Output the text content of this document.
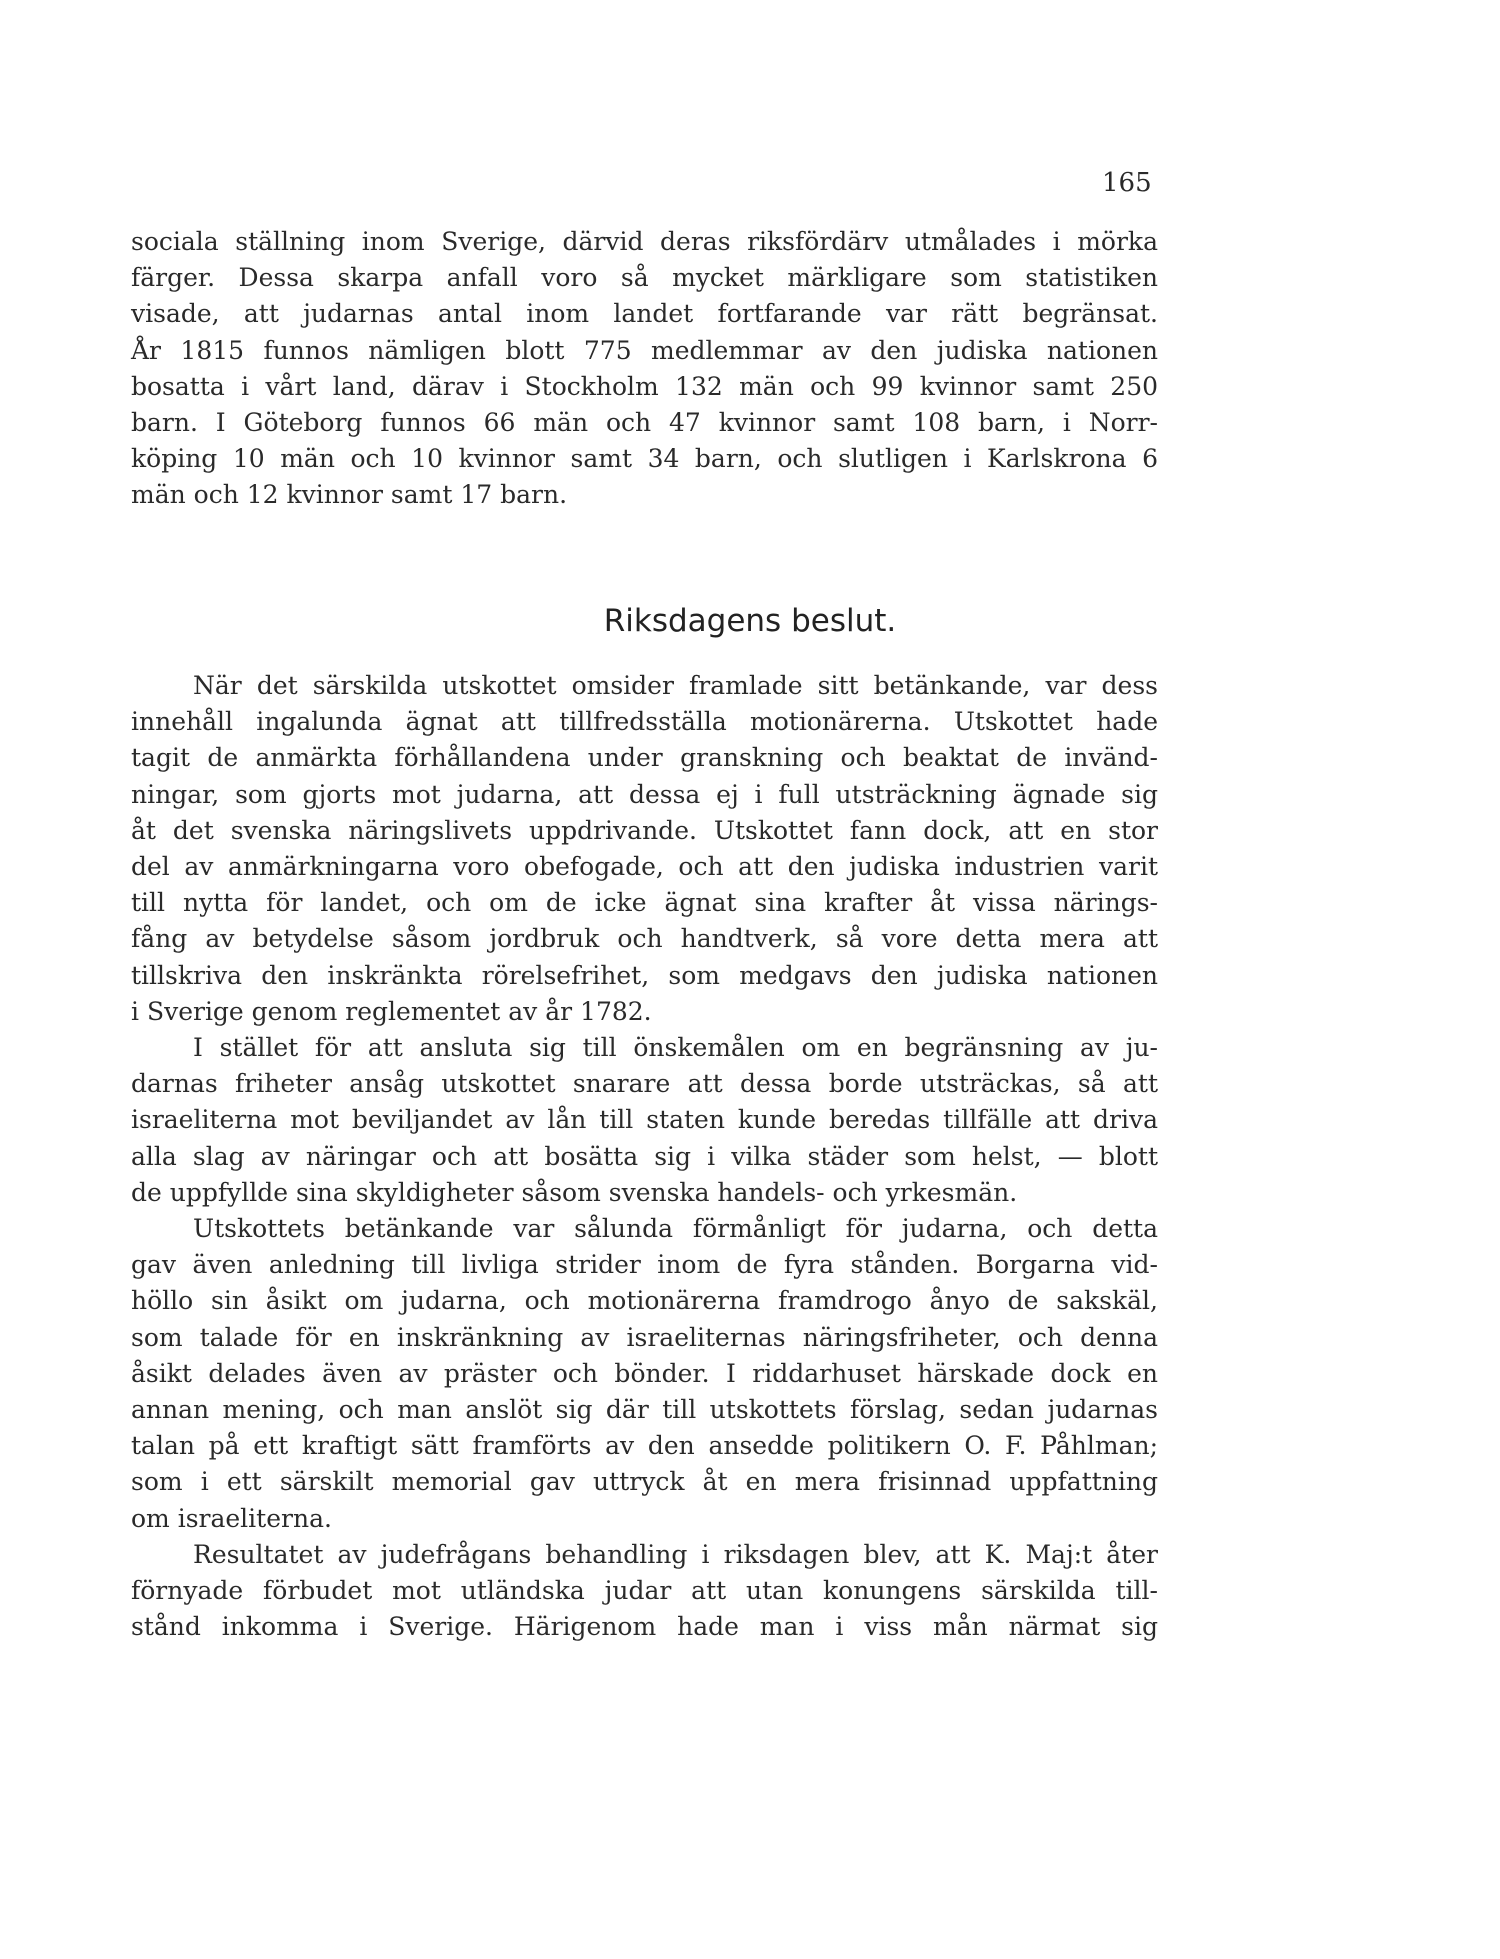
165
sociala ställning inom Sverige, därvid deras riksfördärv utmålades i mörka
färger. Dessa skarpa anfall voro så mycket märkligare som statistiken
visade, att judarnas antal inom landet fortfarande var rätt begränsat.
År 1815 funnos nämligen blott 775 medlemmar av den judiska nationen
bosatta i vårt land, därav i Stockholm 132 män och 99 kvinnor samt 250
barn. I Göteborg funnos 66 män och 47 kvinnor samt 108 barn, i Norr-
köping 10 män och 10 kvinnor samt 34 barn, och slutligen i Karlskrona 6
män och 12 kvinnor samt 17 barn.
Riksdagens beslut.
När det särskilda utskottet omsider framlade sitt betänkande, var dess
innehåll ingalunda ägnat att tillfredsställa motionärerna. Utskottet hade
tagit de anmärkta förhållandena under granskning och beaktat de invänd-
ningar, som gjorts mot judarna, att dessa ej i full utsträckning ägnade sig
åt det svenska näringslivets uppdrivande. Utskottet fann dock, att en stor
del av anmärkningarna voro obefogade, och att den judiska industrien varit
till nytta för landet, och om de icke ägnat sina krafter åt vissa närings-
fång av betydelse såsom jordbruk och handtverk, så vore detta mera att
tillskriva den inskränkta rörelsefrihet, som medgavs den judiska nationen
i Sverige genom reglementet av år 1782.
I stället för att ansluta sig till önskemålen om en begränsning av ju-
darnas friheter ansåg utskottet snarare att dessa borde utsträckas, så att
israeliterna mot beviljandet av lån till staten kunde beredas tillfälle att driva
alla slag av näringar och att bosätta sig i vilka städer som helst, — blott
de uppfyllde sina skyldigheter såsom svenska handels- och yrkesmän.
Utskottets betänkande var sålunda förmånligt för judarna, och detta
gav även anledning till livliga strider inom de fyra stånden. Borgarna vid-
höllo sin åsikt om judarna, och motionärerna framdrogo ånyo de sakskäl,
som talade för en inskränkning av israeliternas näringsfriheter, och denna
åsikt delades även av präster och bönder. I riddarhuset härskade dock en
annan mening, och man anslöt sig där till utskottets förslag, sedan judarnas
talan på ett kraftigt sätt framförts av den ansedde politikern O. F. Påhlman;
som i ett särskilt memorial gav uttryck åt en mera frisinnad uppfattning
om israeliterna.
Resultatet av judefrågans behandling i riksdagen blev, att K. Maj:t åter
förnyade förbudet mot utländska judar att utan konungens särskilda till-
stånd inkomma i Sverige. Härigenom hade man i viss mån närmat sig
